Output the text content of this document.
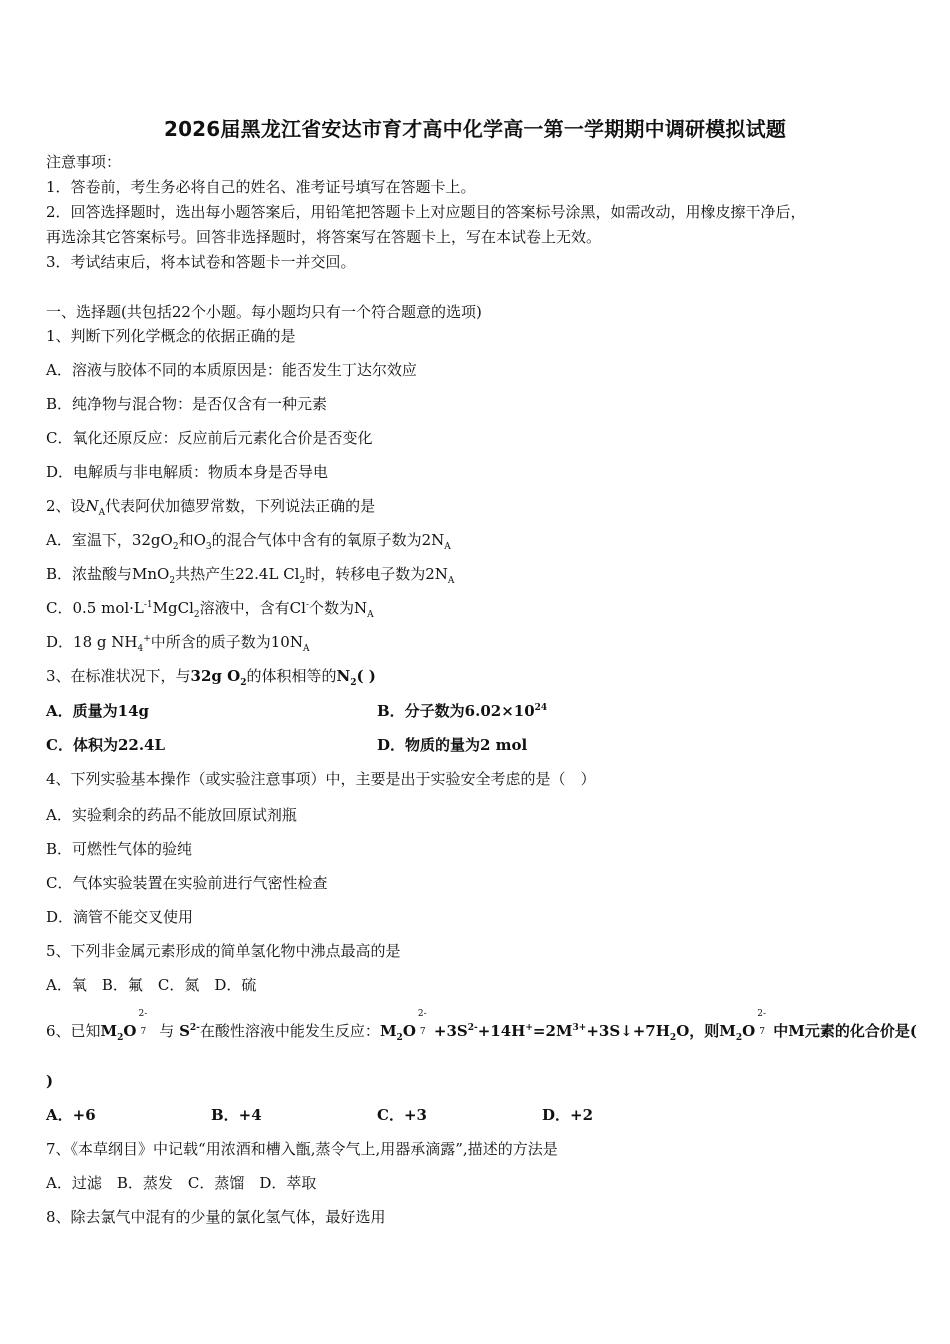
2026届黑龙江省安达市育才高中化学高一第一学期期中调研模拟试题
注意事项：
1．答卷前，考生务必将自己的姓名、准考证号填写在答题卡上。
2．回答选择题时，选出每小题答案后，用铅笔把答题卡上对应题目的答案标号涂黑，如需改动，用橡皮擦干净后，
再选涂其它答案标号。回答非选择题时，将答案写在答题卡上，写在本试卷上无效。
3．考试结束后，将本试卷和答题卡一并交回。
一、选择题(共包括22个小题。每小题均只有一个符合题意的选项)
1、判断下列化学概念的依据正确的是
A．溶液与胶体不同的本质原因是：能否发生丁达尔效应
B．纯净物与混合物：是否仅含有一种元素
C．氧化还原反应：反应前后元素化合价是否变化
D．电解质与非电解质：物质本身是否导电
2、设$N_A$代表阿伏加德罗常数，下列说法正确的是
A．室温下，$32gO_2$和$O_3$的混合气体中含有的氧原子数为$2N_A$
B．浓盐酸与MnO$_2$共热产生22.4L $Cl_2$时，转移电子数为$2N_A$
C．0.5 $mol\cdot L^{-1}MgCl_2$溶液中，含有Cl-个数为$N_A$
D．18 g $NH_4^+$中所含的质子数为$10N_A$
3、在标准状况下，与32g $O_2$的体积相等的$N_2$( )
A．质量为14g	B．分子数为$6.02\times 10^{24}$
C．体积为22.4L	D．物质的量为2 mol
4、下列实验基本操作（或实验注意事项）中，主要是出于实验安全考虑的是（　）
A．实验剩余的药品不能放回原试剂瓶
B．可燃性气体的验纯
C．气体实验装置在实验前进行气密性检查
D．滴管不能交叉使用
5、下列非金属元素形成的简单氢化物中沸点最高的是
A．氧　B．氟　C．氮　D．硫
6、已知$M_2O$
2-
7 与 $S^{2-}$在酸性溶液中能发生反应：$M_2O$
2-
$7 +3S^{2-}+14H^+=2M^{3+}+3S↓+7H_2O$，则$M_2O$
2-
7 中M元素的化合价是(
)
A．+6	B．+4	C．+3	D．+2
7、《本草纲目》中记载“用浓酒和槽入甑,蒸令气上,用器承滴露”,描述的方法是
A．过滤　B．蒸发　C．蒸馏　D．萃取
8、除去氯气中混有的少量的氯化氢气体，最好选用
